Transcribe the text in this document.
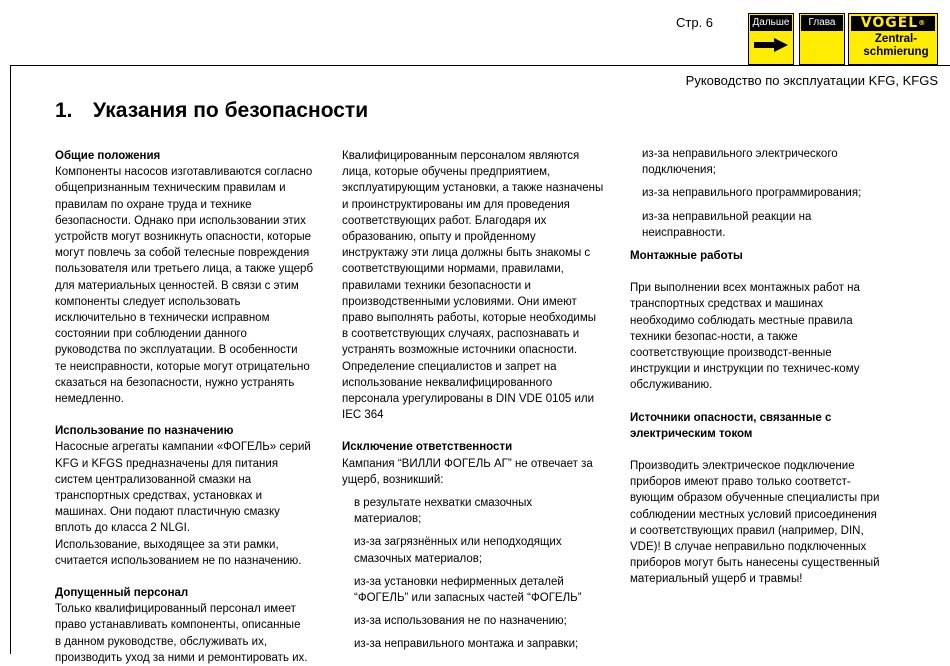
Стр. 6	Дальше	Глава	VOGEL®
Zentral-
schmierung
Руководство по эксплуатации KFG, KFGS
1. Указания по безопасности

Общие положения

Компоненты насосов изготавливаются согласно

общепризнанным техническим правилам и

правилам по охране труда и технике

безопасности. Однако при использовании этих

устройств могут возникнуть опасности, которые

могут повлечь за собой телесные повреждения

пользователя или третьего лица, а также ущерб

для материальных ценностей. В связи с этим

компоненты следует использовать

исключительно в технически исправном

состоянии при соблюдении данного

руководства по эксплуатации. В особенности

те неисправности, которые могут отрицательно

сказаться на безопасности, нужно устранять

немедленно.

Использование по назначению

Насосные агрегаты кампании «ФОГЕЛЬ» серий

KFG и KFGS предназначены для питания

систем централизованной смазки на

транспортных средствах, установках и

машинах. Они подают пластичную смазку

вплоть до класса 2 NLGI.

Использование, выходящее за эти рамки,

считается использованием не по назначению.

Допущенный персонал

Только квалифицированный персонал имеет

право устанавливать компоненты, описанные

в данном руководстве, обслуживать их,

производить уход за ними и ремонтировать их.

Квалифицированным персоналом являются

лица, которые обучены предприятием,

эксплуатирующим установки, а также назначены

и проинструктированы им для проведения

соответствующих работ. Благодаря их

образованию, опыту и пройденному

инструктажу эти лица должны быть знакомы с

соответствующими нормами, правилами,

правилами техники безопасности и

производственными условиями. Они имеют

право выполнять работы, которые необходимы

в соответствующих случаях, распознавать и

устранять возможные источники опасности.

Определение специалистов и запрет на

использование неквалифицированного

персонала урегулированы в DIN VDE 0105 или

IEC 364

Исключение ответственности

Кампания “ВИЛЛИ ФОГЕЛЬ АГ” не отвечает за

ущерб, возникший:

в результате нехватки смазочных

материалов;

из-за загрязнённых или неподходящих

смазочных материалов;

из-за установки нефирменных деталей

“ФОГЕЛЬ” или запасных частей “ФОГЕЛЬ”

из-за использования не по назначению;

из-за неправильного монтажа и заправки;

из-за неправильного электрического

подключения;

из-за неправильного программирования;

из-за неправильной реакции на

неисправности.

Монтажные работы

При выполнении всех монтажных работ на

транспортных средствах и машинах

необходимо соблюдать местные правила

техники безопас-ности, а также

соответствующие производст-венные

инструкции и инструкции по техничес-кому

обслуживанию.

Источники опасности, связанные с

электрическим током

Производить электрическое подключение

приборов имеют право только соответст-

вующим образом обученные специалисты при

соблюдении местных условий присоединения

и соответствующих правил (например, DIN,

VDE)! В случае неправильно подключенных

приборов могут быть нанесены существенный

материальный ущерб и травмы!
